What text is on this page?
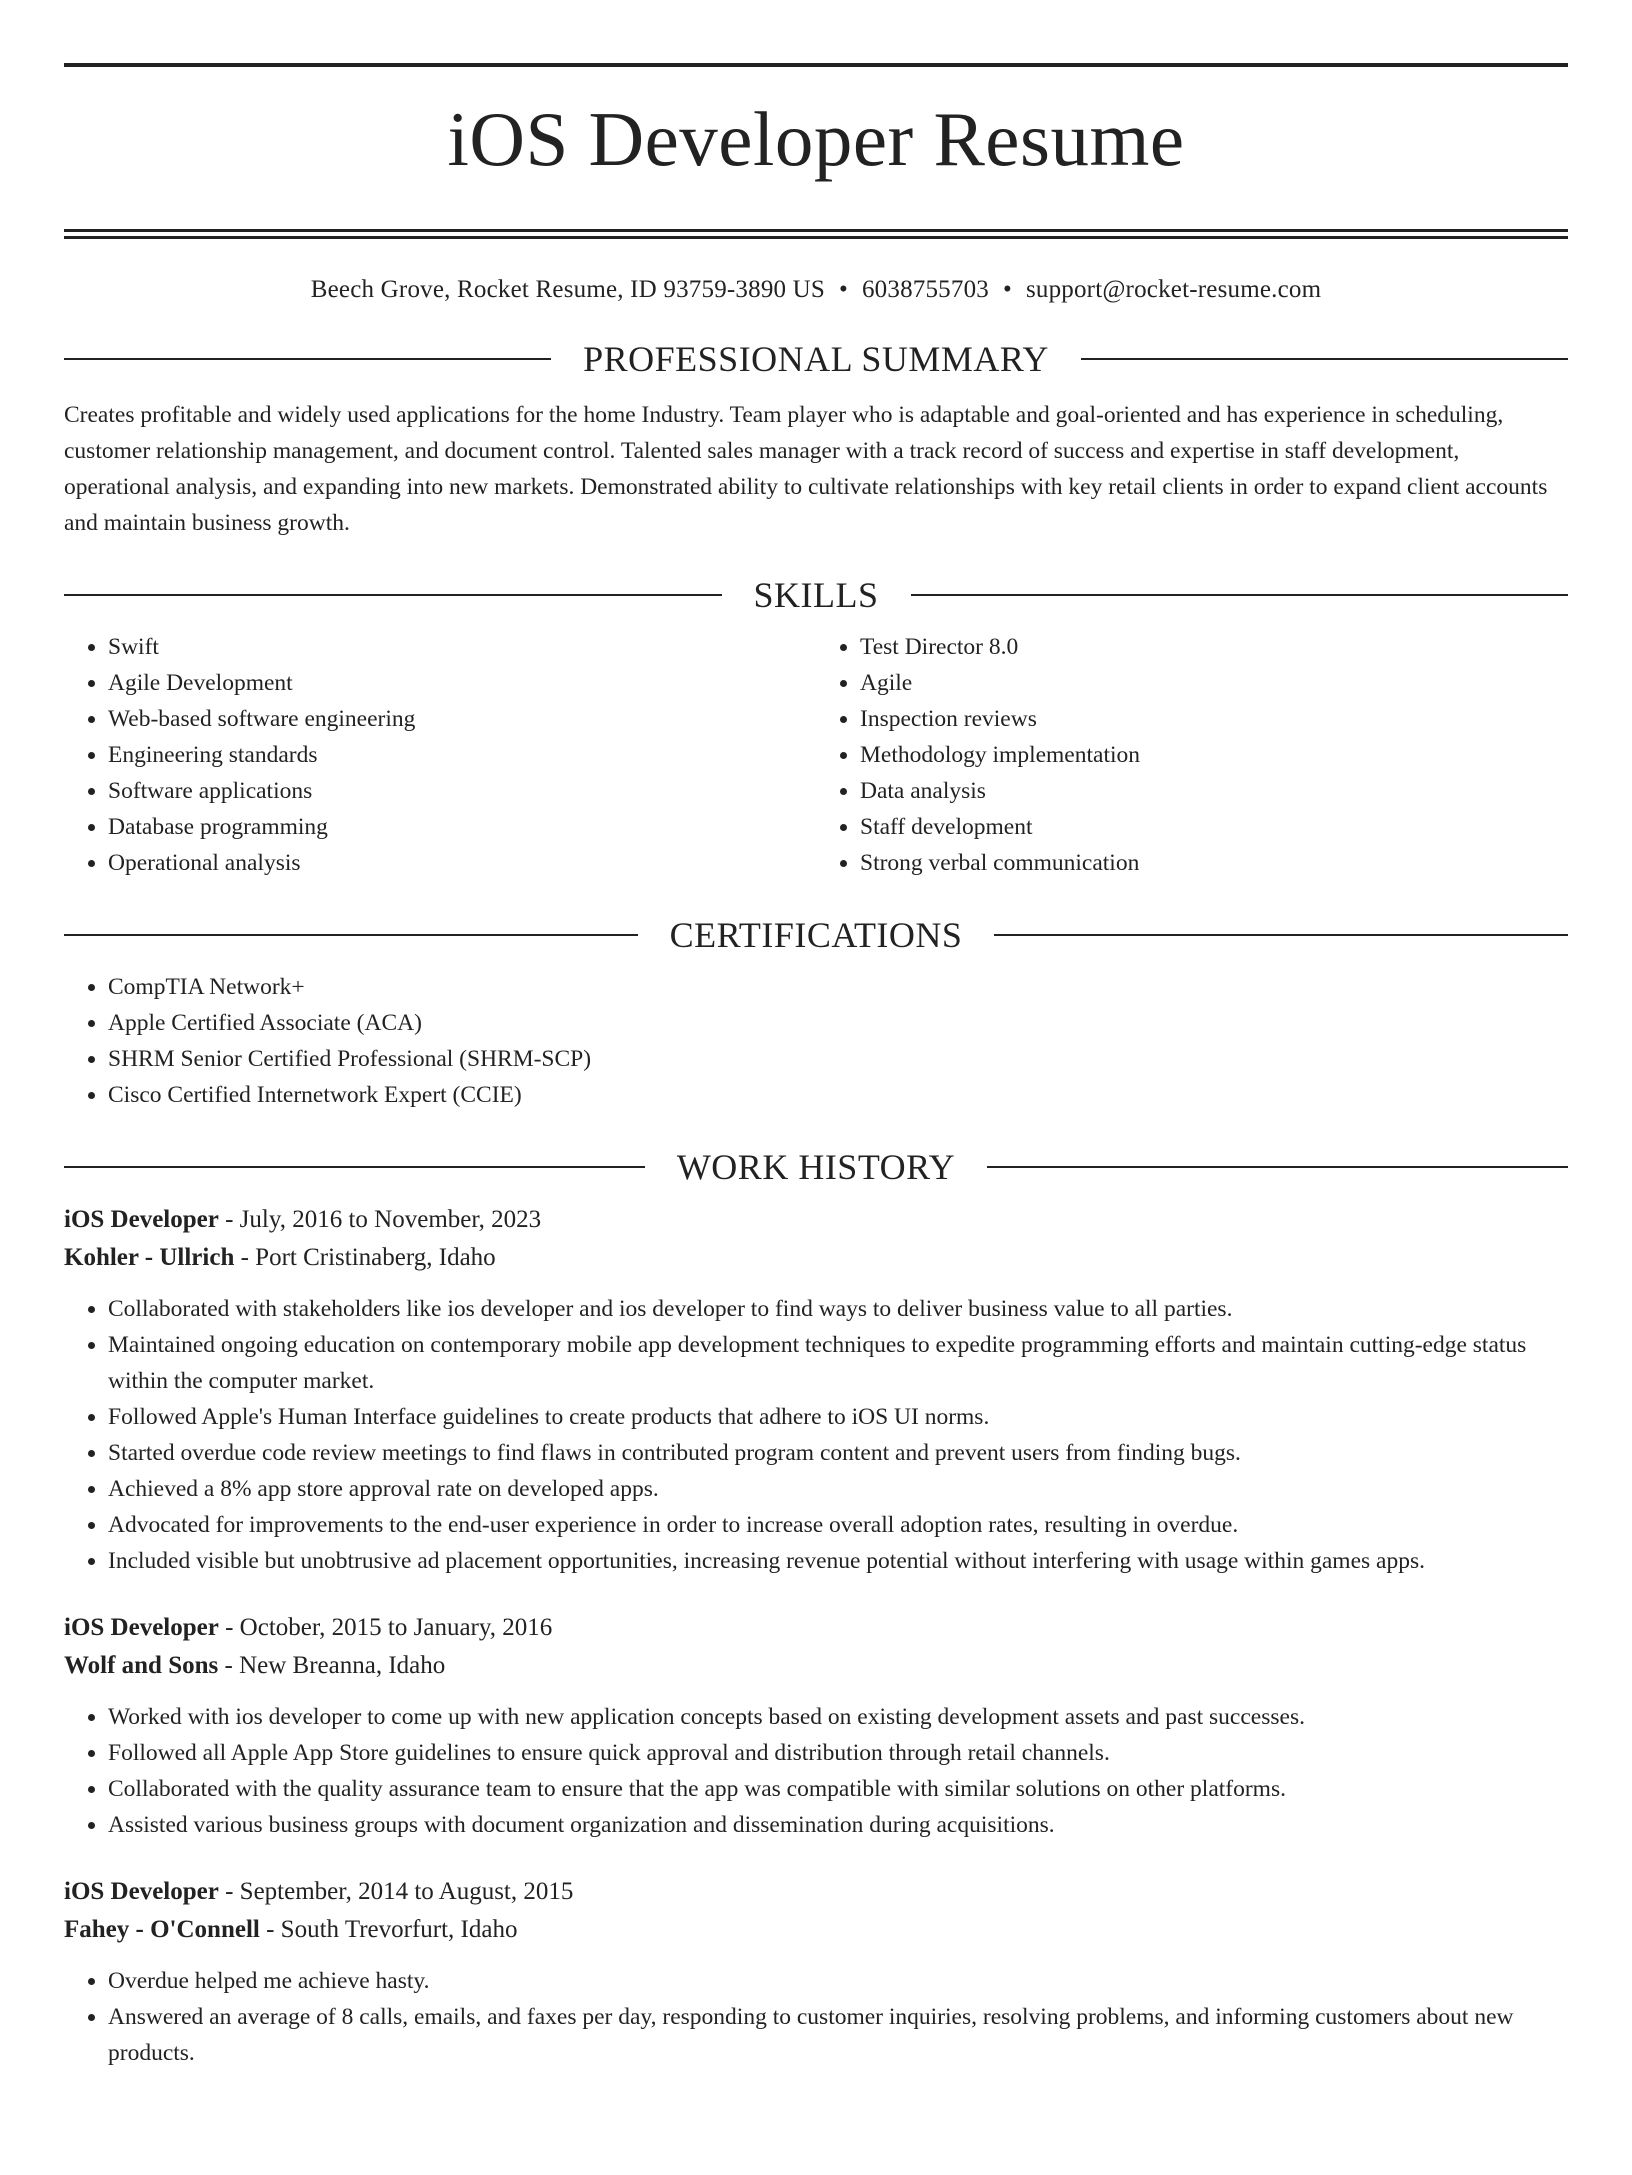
iOS Developer Resume
Beech Grove, Rocket Resume, ID 93759-3890 US • 6038755703 • support@rocket-resume.com
PROFESSIONAL SUMMARY

Creates profitable and widely used applications for the home Industry. Team player who is adaptable and goal-oriented and has experience in scheduling, customer relationship management, and document control. Talented sales manager with a track record of success and expertise in staff development, operational analysis, and expanding into new markets. Demonstrated ability to cultivate relationships with key retail clients in order to expand client accounts and maintain business growth.

SKILLS
• Swift
• Agile Development
• Web-based software engineering
• Engineering standards
• Software applications
• Database programming
• Operational analysis
• Test Director 8.0
• Agile
• Inspection reviews
• Methodology implementation
• Data analysis
• Staff development
• Strong verbal communication
CERTIFICATIONS
• CompTIA Network+
• Apple Certified Associate (ACA)
• SHRM Senior Certified Professional (SHRM-SCP)
• Cisco Certified Internetwork Expert (CCIE)
WORK HISTORY
iOS Developer - July, 2016 to November, 2023
Kohler - Ullrich - Port Cristinaberg, Idaho
• Collaborated with stakeholders like ios developer and ios developer to find ways to deliver business value to all parties.
• Maintained ongoing education on contemporary mobile app development techniques to expedite programming efforts and maintain cutting-edge status within the computer market.
• Followed Apple's Human Interface guidelines to create products that adhere to iOS UI norms.
• Started overdue code review meetings to find flaws in contributed program content and prevent users from finding bugs.
• Achieved a 8% app store approval rate on developed apps.
• Advocated for improvements to the end-user experience in order to increase overall adoption rates, resulting in overdue.
• Included visible but unobtrusive ad placement opportunities, increasing revenue potential without interfering with usage within games apps.
iOS Developer - October, 2015 to January, 2016
Wolf and Sons - New Breanna, Idaho
• Worked with ios developer to come up with new application concepts based on existing development assets and past successes.
• Followed all Apple App Store guidelines to ensure quick approval and distribution through retail channels.
• Collaborated with the quality assurance team to ensure that the app was compatible with similar solutions on other platforms.
• Assisted various business groups with document organization and dissemination during acquisitions.
iOS Developer - September, 2014 to August, 2015
Fahey - O'Connell - South Trevorfurt, Idaho
• Overdue helped me achieve hasty.
• Answered an average of 8 calls, emails, and faxes per day, responding to customer inquiries, resolving problems, and informing customers about new products.
